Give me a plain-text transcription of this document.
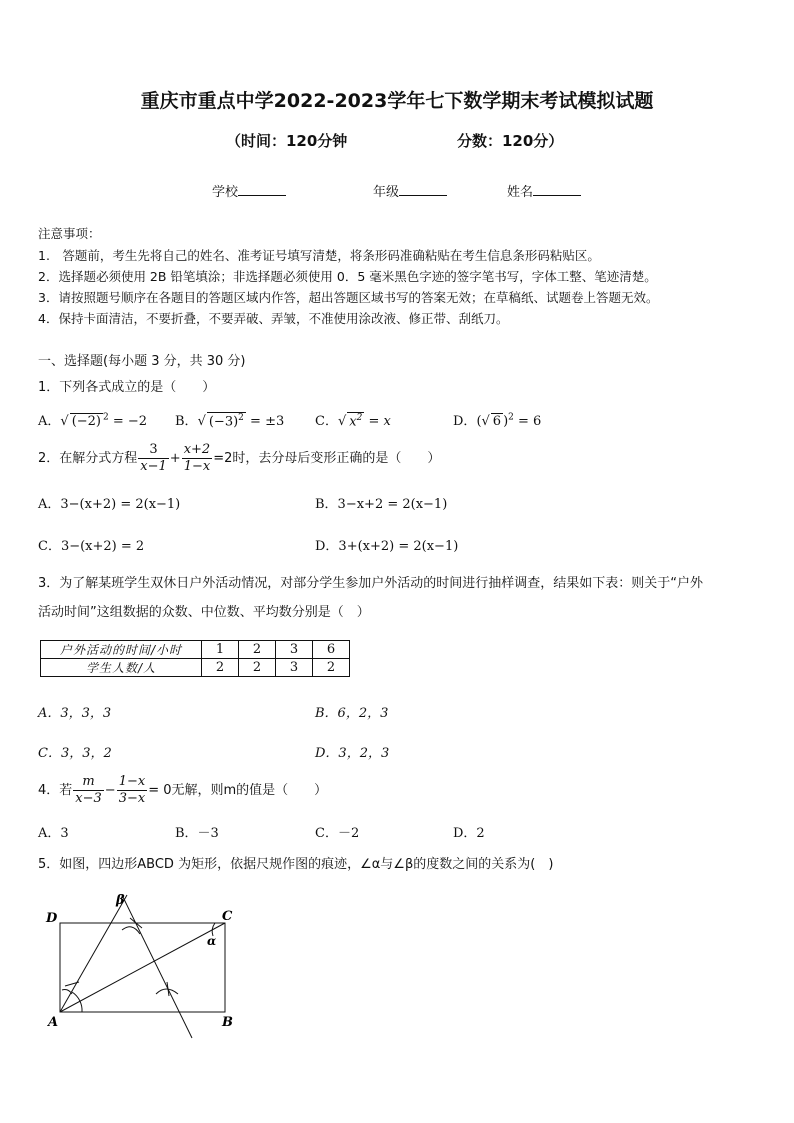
重庆市重点中学2022-2023学年七下数学期末考试模拟试题
（时间：120分钟	分数：120分）
学校	年级	姓名
注意事项：
1.　答题前，考生先将自己的姓名、准考证号填写清楚，将条形码准确粘贴在考生信息条形码粘贴区。
2．选择题必须使用 2B 铅笔填涂；非选择题必须使用 0．5 毫米黑色字迹的签字笔书写，字体工整、笔迹清楚。
3．请按照题号顺序在各题目的答题区域内作答，超出答题区域书写的答案无效；在草稿纸、试题卷上答题无效。
4．保持卡面清洁，不要折叠，不要弄破、弄皱，不准使用涂改液、修正带、刮纸刀。
一、选择题(每小题 3 分，共 30 分)
1．下列各式成立的是（　　）
A．√ (−2) $^2$ = −2 B．√ $(-3)^2 = \pm 3$ C．√ $x^2 = x$	D．(√ 6 )$^2$ = 6
2．在解分式方程 $\frac{3}{x-1} + \frac{x+2}{1-x} =2$时，去分母后变形正确的是（　　）
A．3−(x+2) = 2(x−1)	B．3−x+2 = 2(x−1)
C．3−(x+2) = 2	D．3+(x+2) = 2(x−1)
3．为了解某班学生双休日户外活动情况，对部分学生参加户外活动的时间进行抽样调查，结果如下表：则关于“户外
活动时间”这组数据的众数、中位数、平均数分别是（　）
户外活动的时间/小时	1	2	3	6
学生人数/人	2	2	3	2
A．3，3，3	B．6，2，3
C．3，3，2	D．3，2，3
4．若 $\frac{m}{x-3} - \frac{1-x}{3-x} = 0$无解，则m的值是（　　）
A．3	B．－3	C．－2	D．2
5．如图，四边形ABCD 为矩形，依据尺规作图的痕迹，∠α与∠β的度数之间的关系为(　)
D	C
A	B
α
β
